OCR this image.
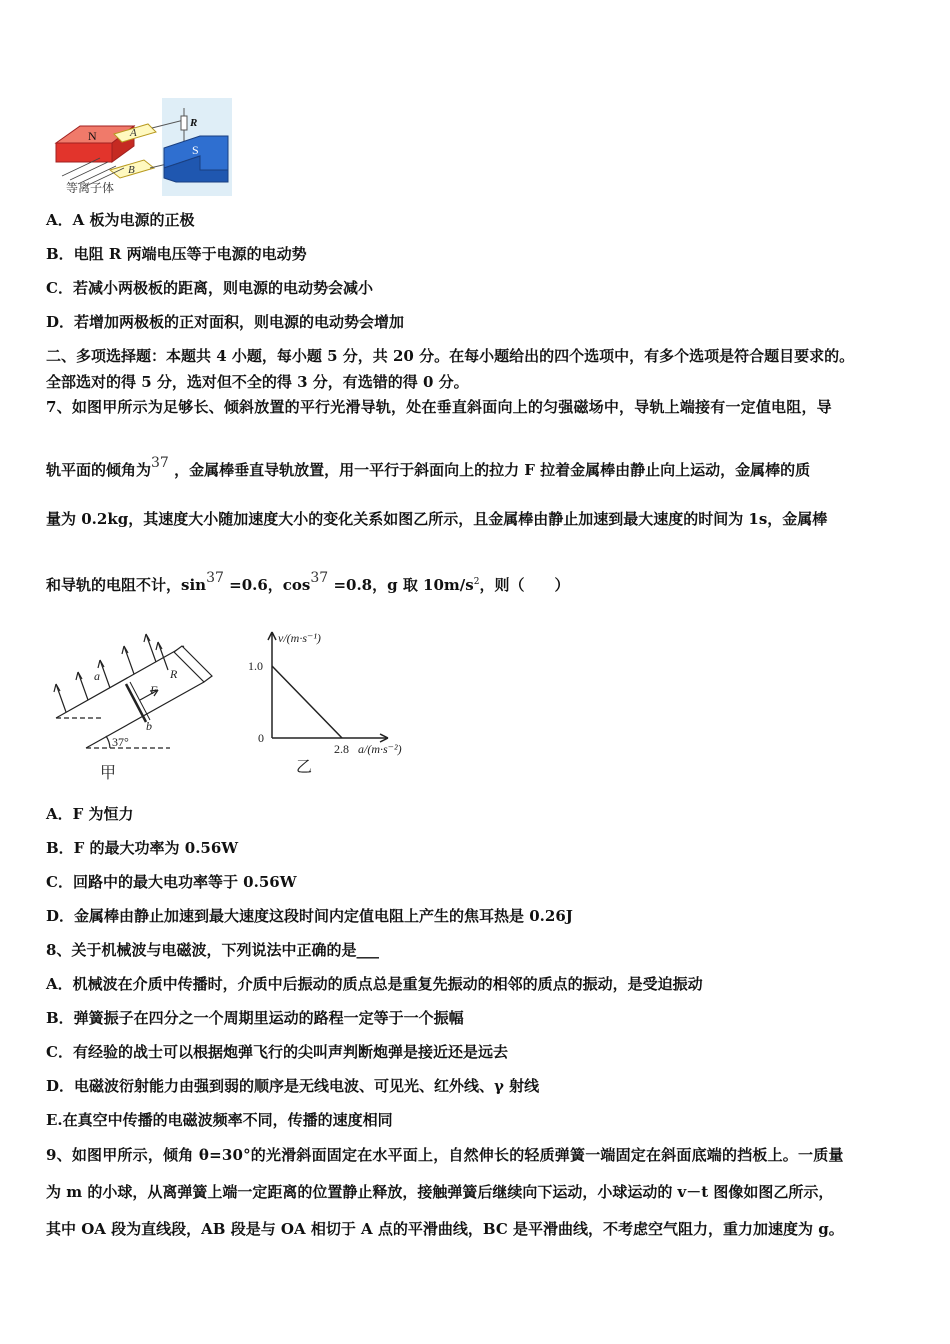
N	A
B
R
S
等离子体
A．A 板为电源的正极
B．电阻 R 两端电压等于电源的电动势
C．若减小两极板的距离，则电源的电动势会减小
D．若增加两极板的正对面积，则电源的电动势会增加
二、多项选择题：本题共 4 小题，每小题 5 分，共 20 分。在每小题给出的四个选项中，有多个选项是符合题目要求的。
全部选对的得 5 分，选对但不全的得 3 分，有选错的得 0 分。
7、如图甲所示为足够长、倾斜放置的平行光滑导轨，处在垂直斜面向上的匀强磁场中，导轨上端接有一定值电阻，导
轨平面的倾角为37 ，金属棒垂直导轨放置，用一平行于斜面向上的拉力 F 拉着金属棒由静止向上运动，金属棒的质
量为 0.2kg，其速度大小随加速度大小的变化关系如图乙所示，且金属棒由静止加速到最大速度的时间为 1s，金属棒
和导轨的电阻不计，sin37 =0.6，cos37 =0.8，g 取 $10m/s^2$，则（　　）
a
b
F
R
37°
甲
v/(m·s⁻¹)
1.0
0
2.8 a/(m·s⁻²)
乙
A．F 为恒力
B．F 的最大功率为 0.56W
C．回路中的最大电功率等于 0.56W
D．金属棒由静止加速到最大速度这段时间内定值电阻上产生的焦耳热是 0.26J
8、关于机械波与电磁波，下列说法中正确的是___
A．机械波在介质中传播时，介质中后振动的质点总是重复先振动的相邻的质点的振动，是受迫振动
B．弹簧振子在四分之一个周期里运动的路程一定等于一个振幅
C．有经验的战士可以根据炮弹飞行的尖叫声判断炮弹是接近还是远去
D．电磁波衍射能力由强到弱的顺序是无线电波、可见光、红外线、γ 射线
E.在真空中传播的电磁波频率不同，传播的速度相同
9、如图甲所示，倾角 θ=30°的光滑斜面固定在水平面上，自然伸长的轻质弹簧一端固定在斜面底端的挡板上。一质量
为 m 的小球，从离弹簧上端一定距离的位置静止释放，接触弹簧后继续向下运动，小球运动的 v－t 图像如图乙所示，
其中 OA 段为直线段，AB 段是与 OA 相切于 A 点的平滑曲线，BC 是平滑曲线，不考虑空气阻力，重力加速度为 g。
